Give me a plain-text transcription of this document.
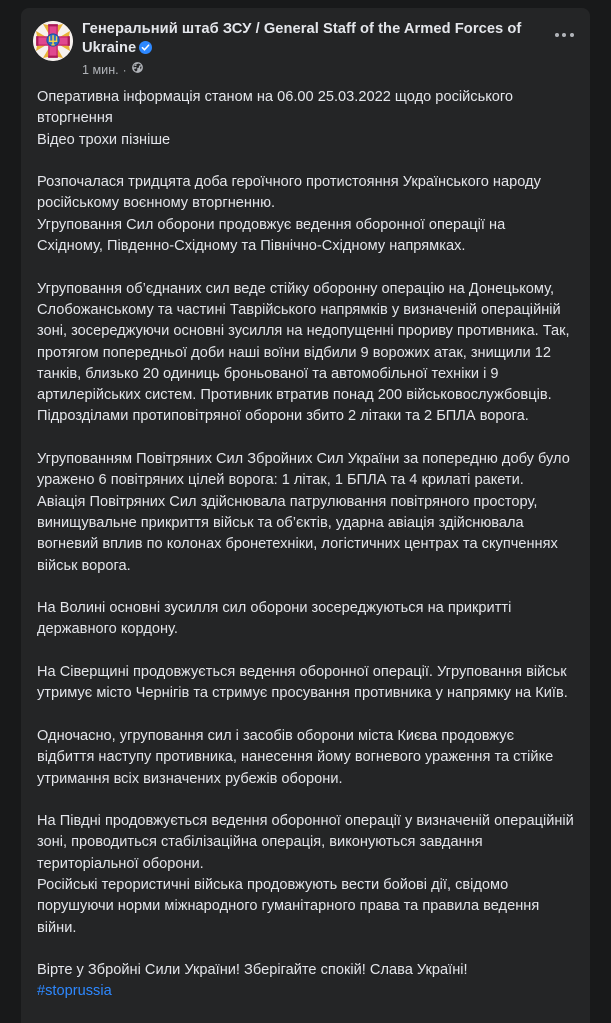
Генеральний штаб ЗСУ / General Staff of the Armed Forces of Ukraine
1 мин. ·

Оперативна інформація станом на 06.00 25.03.2022 щодо російського вторгнення

Відео трохи пізніше

Розпочалася тридцята доба героїчного протистояння Українського народу російському воєнному вторгненню.

Угруповання Сил оборони продовжує ведення оборонної операції на Східному, Південно-Східному та Північно-Східному напрямках.

Угруповання об’єднаних сил веде стійку оборонну операцію на Донецькому, Слобожанському та частині Таврійського напрямків у визначеній операційній зоні, зосереджуючи основні зусилля на недопущенні прориву противника. Так, протягом попередньої доби наші воїни відбили 9 ворожих атак, знищили 12 танків, близько 20 одиниць броньованої та автомобільної техніки і 9 артилерійських систем. Противник втратив понад 200 військовослужбовців.

Підрозділами протиповітряної оборони збито 2 літаки та 2 БПЛА ворога.

Угрупованням Повітряних Сил Збройних Сил України за попередню добу було уражено 6 повітряних цілей ворога: 1 літак, 1 БПЛА та 4 крилаті ракети. Авіація Повітряних Сил здійснювала патрулювання повітряного простору, винищувальне прикриття військ та об’єктів, ударна авіація здійснювала вогневий вплив по колонах бронетехніки, логістичних центрах та скупченнях військ ворога.

На Волині основні зусилля сил оборони зосереджуються на прикритті державного кордону.

На Сіверщині продовжується ведення оборонної операції. Угруповання військ утримує місто Чернігів та стримує просування противника у напрямку на Київ.

Одночасно, угруповання сил і засобів оборони міста Києва продовжує відбиття наступу противника, нанесення йому вогневого ураження та стійке утримання всіх визначених рубежів оборони.

На Півдні продовжується ведення оборонної операції у визначеній операційній зоні, проводиться стабілізаційна операція, виконуються завдання територіальної оборони.

Російські терористичні війська продовжують вести бойові дії, свідомо порушуючи норми міжнародного гуманітарного права та правила ведення війни.

Вірте у Збройні Сили України! Зберігайте спокій! Слава Україні!

#stoprussia
